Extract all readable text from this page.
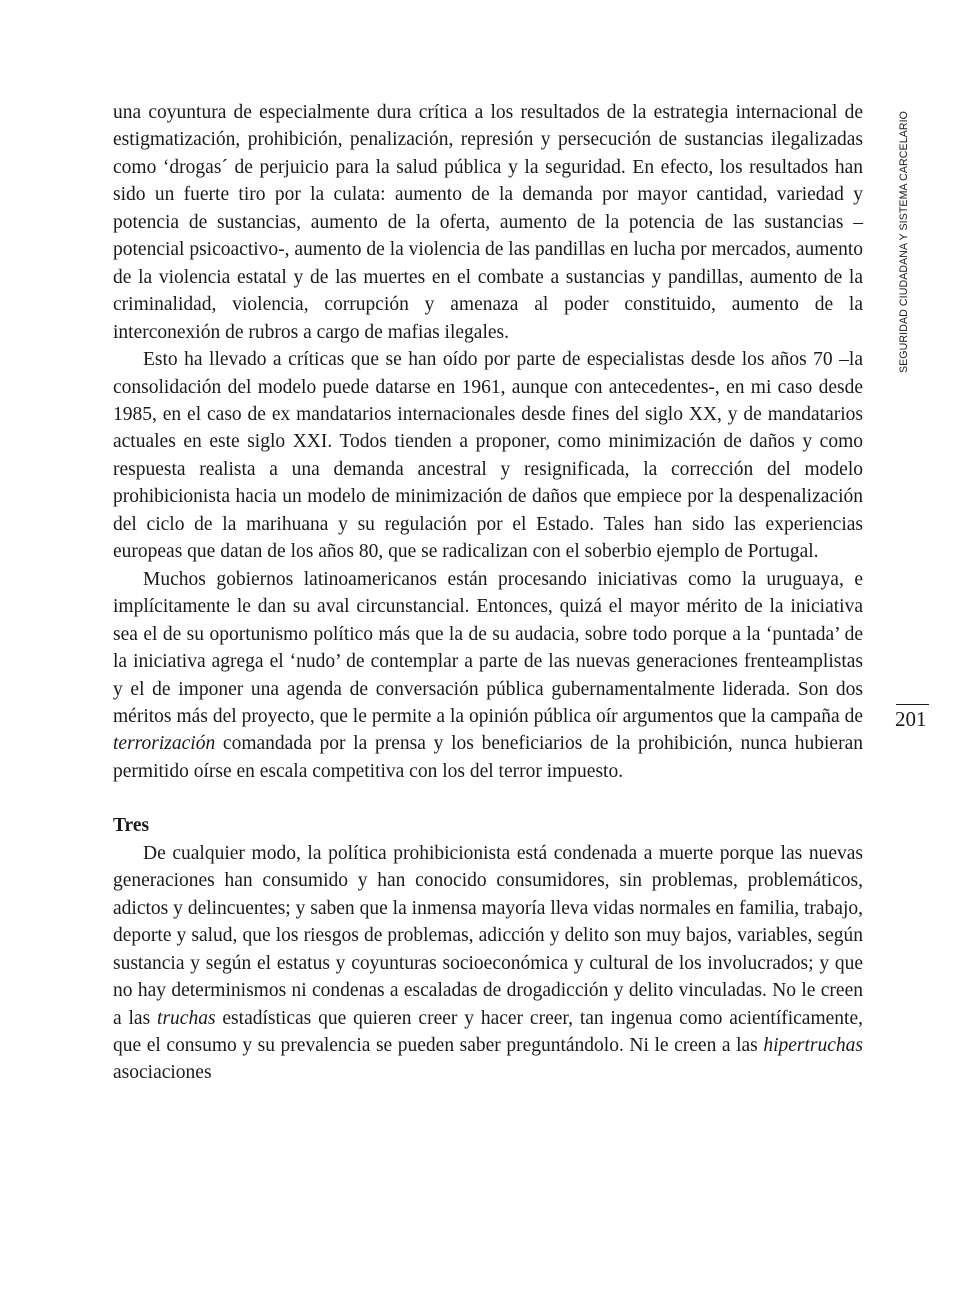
SEGURIDAD CIUDADANA Y SISTEMA CARCELARIO
201

una coyuntura de especialmente dura crítica a los resultados de la estrategia internacional de estigmatización, prohibición, penalización, represión y persecución de sustancias ilegalizadas como ‘drogas´ de perjuicio para la salud pública y la seguridad. En efecto, los resultados han sido un fuerte tiro por la culata: aumento de la demanda por mayor cantidad, variedad y potencia de sustancias, aumento de la oferta, aumento de la potencia de las sustancias –potencial psicoactivo-, aumento de la violencia de las pandillas en lucha por mercados, aumento de la violencia estatal y de las muertes en el combate a sustancias y pandillas, aumento de la criminalidad, violencia, corrupción y amenaza al poder constituido, aumento de la interconexión de rubros a cargo de mafias ilegales.

Esto ha llevado a críticas que se han oído por parte de especialistas desde los años 70 –la consolidación del modelo puede datarse en 1961, aunque con antecedentes-, en mi caso desde 1985, en el caso de ex mandatarios internacionales desde fines del siglo XX, y de mandatarios actuales en este siglo XXI. Todos tienden a proponer, como minimización de daños y como respuesta realista a una demanda ancestral y resignificada, la corrección del modelo prohibicionista hacia un modelo de minimización de daños que empiece por la despenalización del ciclo de la marihuana y su regulación por el Estado. Tales han sido las experiencias europeas que datan de los años 80, que se radicalizan con el soberbio ejemplo de Portugal.

Muchos gobiernos latinoamericanos están procesando iniciativas como la uruguaya, e implícitamente le dan su aval circunstancial. Entonces, quizá el mayor mérito de la iniciativa sea el de su oportunismo político más que la de su audacia, sobre todo porque a la ‘puntada’ de la iniciativa agrega el ‘nudo’ de contemplar a parte de las nuevas generaciones frenteamplistas y el de imponer una agenda de conversación pública gubernamentalmente liderada. Son dos méritos más del proyecto, que le permite a la opinión pública oír argumentos que la campaña de terrorización comandada por la prensa y los beneficiarios de la prohibición, nunca hubieran permitido oírse en escala competitiva con los del terror impuesto.

Tres

De cualquier modo, la política prohibicionista está condenada a muerte porque las nuevas generaciones han consumido y han conocido consumidores, sin problemas, problemáticos, adictos y delincuentes; y saben que la inmensa mayoría lleva vidas normales en familia, trabajo, deporte y salud, que los riesgos de problemas, adicción y delito son muy bajos, variables, según sustancia y según el estatus y coyunturas socioeconómica y cultural de los involucrados; y que no hay determinismos ni condenas a escaladas de drogadicción y delito vinculadas. No le creen a las truchas estadísticas que quieren creer y hacer creer, tan ingenua como acientíficamente, que el consumo y su prevalencia se pueden saber preguntándolo. Ni le creen a las hipertruchas asociaciones
